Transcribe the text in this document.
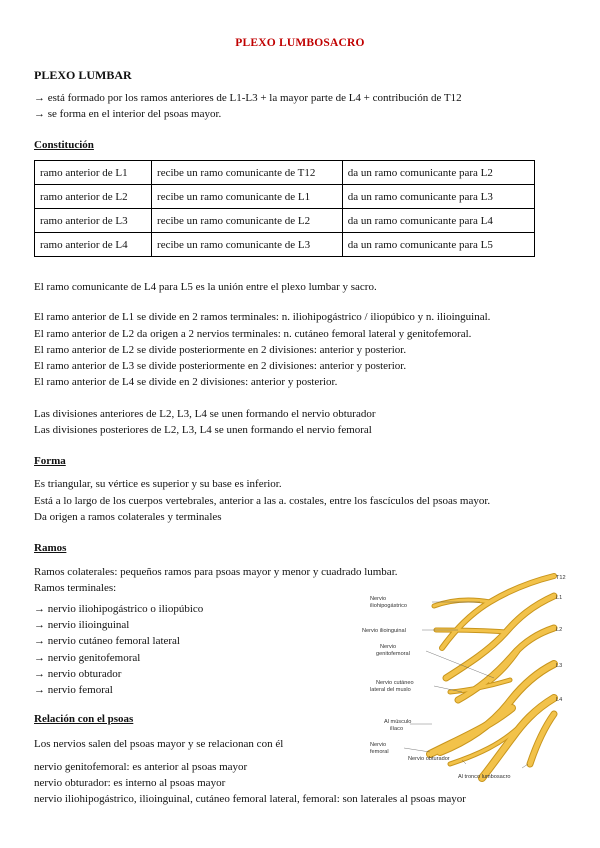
PLEXO LUMBOSACRO
PLEXO LUMBAR
→ está formado por los ramos anteriores de L1-L3 + la mayor parte de L4 + contribución de T12
→ se forma en el interior del psoas mayor.
Constitución
ramo anterior de L1	recibe un ramo comunicante de T12	da un ramo comunicante para L2
ramo anterior de L2	recibe un ramo comunicante de L1	da un ramo comunicante para L3
ramo anterior de L3	recibe un ramo comunicante de L2	da un ramo comunicante para L4
ramo anterior de L4	recibe un ramo comunicante de L3	da un ramo comunicante para L5
El ramo comunicante de L4 para L5 es la unión entre el plexo lumbar y sacro.
El ramo anterior de L1 se divide en 2 ramos terminales: n. iliohipogástrico / iliopúbico y n. ilioinguinal.
El ramo anterior de L2 da origen a 2 nervios terminales: n. cutáneo femoral lateral y genitofemoral.
El ramo anterior de L2 se divide posteriormente en 2 divisiones: anterior y posterior.
El ramo anterior de L3 se divide posteriormente en 2 divisiones: anterior y posterior.
El ramo anterior de L4 se divide en 2 divisiones: anterior y posterior.
Las divisiones anteriores de L2, L3, L4 se unen formando el nervio obturador
Las divisiones posteriores de L2, L3, L4 se unen formando el nervio femoral
Forma
Es triangular, su vértice es superior y su base es inferior.
Está a lo largo de los cuerpos vertebrales, anterior a las a. costales, entre los fascículos del psoas mayor.
Da origen a ramos colaterales y terminales
Ramos
Ramos colaterales: pequeños ramos para psoas mayor y menor y cuadrado lumbar.
Ramos terminales:
→ nervio iliohipogástrico o iliopúbico
→ nervio ilioinguinal
→ nervio cutáneo femoral lateral
→ nervio genitofemoral
→ nervio obturador
→ nervio femoral
Relación con el psoas
Los nervios salen del psoas mayor y se relacionan con él
nervio genitofemoral: es anterior al psoas mayor
nervio obturador: es interno al psoas mayor
nervio iliohipogástrico, ilioinguinal, cutáneo femoral lateral, femoral: son laterales al psoas mayor
T12
L1
L2
L3
L4
Nervio
iliohipogástrico
Nervio ilioinguinal
Nervio
genitofemoral
Nervio cutáneo
lateral del muslo
Al músculo
ilíaco
Nervio
femoral
Nervio obturador
Al tronco lumbosacro
